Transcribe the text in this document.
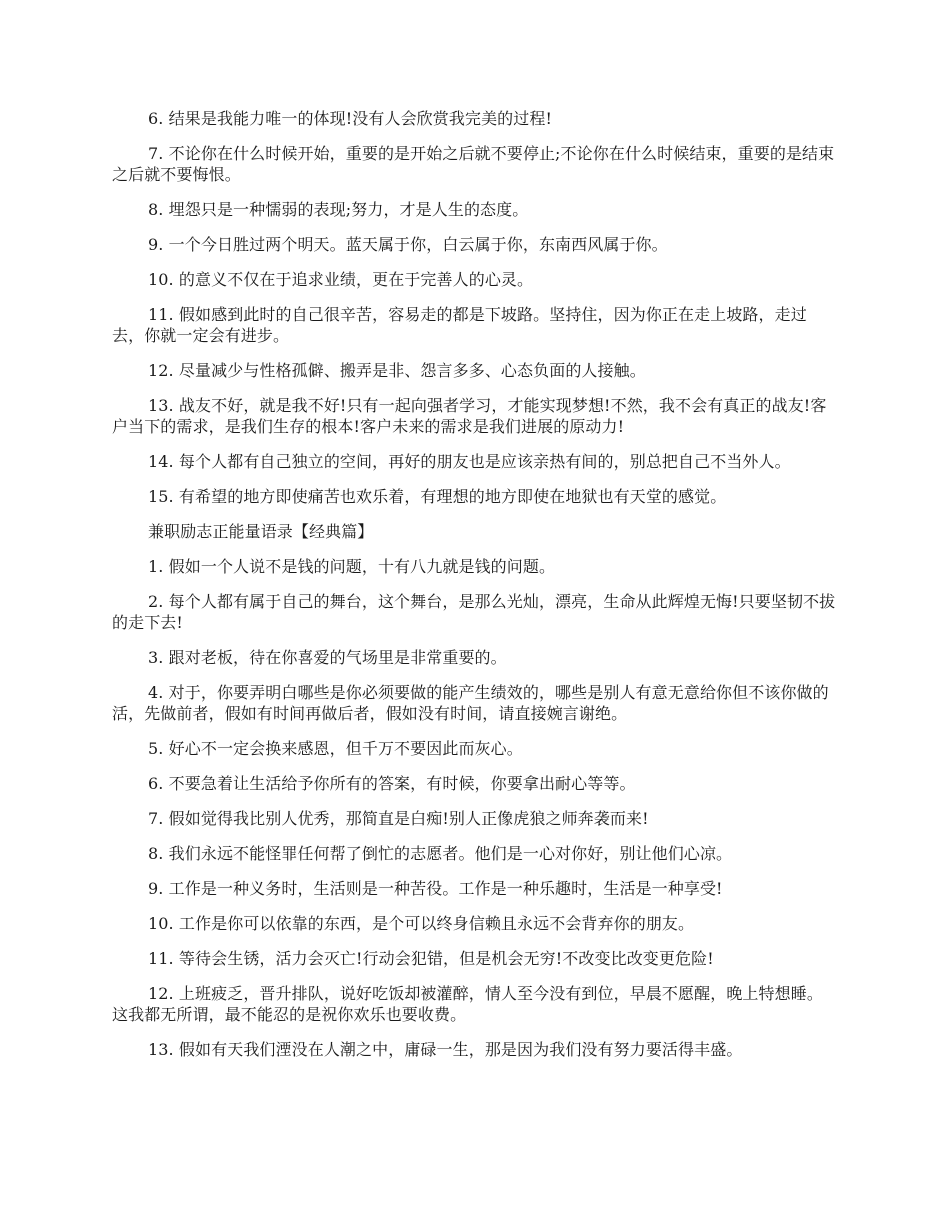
6. 结果是我能力唯一的体现!没有人会欣赏我完美的过程!

7. 不论你在什么时候开始，重要的是开始之后就不要停止;不论你在什么时候结束，重要的是结束之后就不要悔恨。

8. 埋怨只是一种懦弱的表现;努力，才是人生的态度。

9. 一个今日胜过两个明天。蓝天属于你，白云属于你，东南西风属于你。

10. 的意义不仅在于追求业绩，更在于完善人的心灵。

11. 假如感到此时的自己很辛苦，容易走的都是下坡路。坚持住，因为你正在走上坡路，走过去，你就一定会有进步。

12. 尽量减少与性格孤僻、搬弄是非、怨言多多、心态负面的人接触。

13. 战友不好，就是我不好!只有一起向强者学习，才能实现梦想!不然，我不会有真正的战友!客户当下的需求，是我们生存的根本!客户未来的需求是我们进展的原动力!

14. 每个人都有自己独立的空间，再好的朋友也是应该亲热有间的，别总把自己不当外人。

15. 有希望的地方即使痛苦也欢乐着，有理想的地方即使在地狱也有天堂的感觉。

兼职励志正能量语录【经典篇】

1. 假如一个人说不是钱的问题，十有八九就是钱的问题。

2. 每个人都有属于自己的舞台，这个舞台，是那么光灿，漂亮，生命从此辉煌无悔!只要坚韧不拔的走下去!

3. 跟对老板，待在你喜爱的气场里是非常重要的。

4. 对于，你要弄明白哪些是你必须要做的能产生绩效的，哪些是别人有意无意给你但不该你做的活，先做前者，假如有时间再做后者，假如没有时间，请直接婉言谢绝。

5. 好心不一定会换来感恩，但千万不要因此而灰心。

6. 不要急着让生活给予你所有的答案，有时候，你要拿出耐心等等。

7. 假如觉得我比别人优秀，那简直是白痴!别人正像虎狼之师奔袭而来!

8. 我们永远不能怪罪任何帮了倒忙的志愿者。他们是一心对你好，别让他们心凉。

9. 工作是一种义务时，生活则是一种苦役。工作是一种乐趣时，生活是一种享受!

10. 工作是你可以依靠的东西，是个可以终身信赖且永远不会背弃你的朋友。

11. 等待会生锈，活力会灭亡!行动会犯错，但是机会无穷!不改变比改变更危险!

12. 上班疲乏，晋升排队，说好吃饭却被灌醉，情人至今没有到位，早晨不愿醒，晚上特想睡。这我都无所谓，最不能忍的是祝你欢乐也要收费。

13. 假如有天我们湮没在人潮之中，庸碌一生，那是因为我们没有努力要活得丰盛。
